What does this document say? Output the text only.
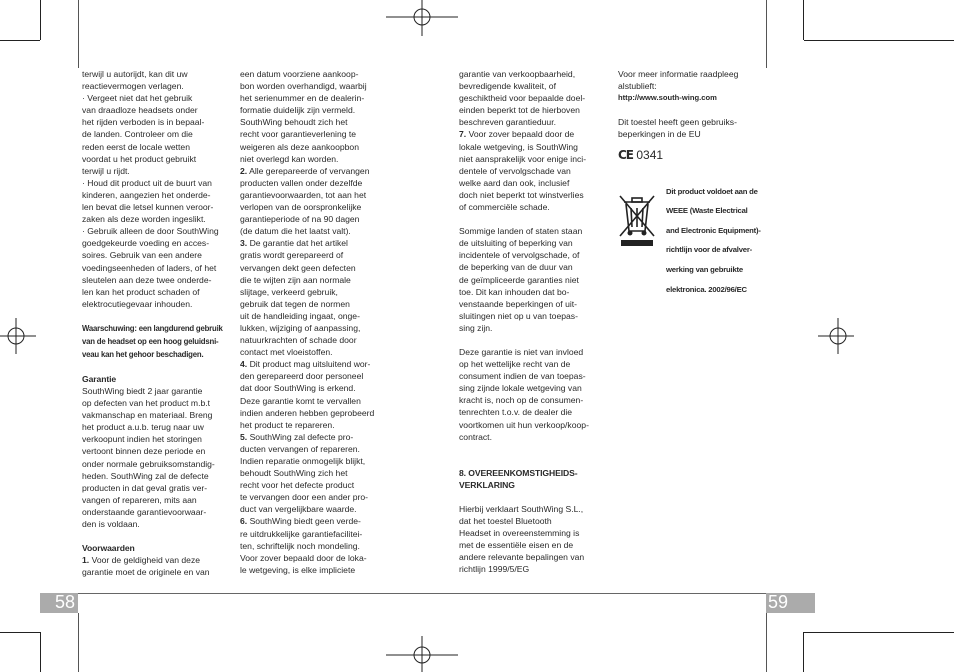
terwijl u autorijdt, kan dit uw

reactievermogen verlagen.

· Vergeet niet dat het gebruik

van draadloze headsets onder

het rijden verboden is in bepaal-

de landen. Controleer om die

reden eerst de locale wetten

voordat u het product gebruikt

terwijl u rijdt.

· Houd dit product uit de buurt van

kinderen, aangezien het onderde-

len bevat die letsel kunnen veroor-

zaken als deze worden ingeslikt.

· Gebruik alleen de door SouthWing

goedgekeurde voeding en acces-

soires. Gebruik van een andere

voedingseenheden of laders, of het

sleutelen aan deze twee onderde-

len kan het product schaden of

elektrocutiegevaar inhouden.

Waarschuwing: een langdurend gebruik

van de headset op een hoog geluidsni-

veau kan het gehoor beschadigen.

Garantie

SouthWing biedt 2 jaar garantie

op defecten van het product m.b.t

vakmanschap en materiaal. Breng

het product a.u.b. terug naar uw

verkoopunt indien het storingen

vertoont binnen deze periode en

onder normale gebruiksomstandig-

heden. SouthWing zal de defecte

producten in dat geval gratis ver-

vangen of repareren, mits aan

onderstaande garantievoorwaar-

den is voldaan.

Voorwaarden

1. Voor de geldigheid van deze

garantie moet de originele en van

een datum voorziene aankoop-

bon worden overhandigd, waarbij

het serienummer en de dealerin-

formatie duidelijk zijn vermeld.

SouthWing behoudt zich het

recht voor garantieverlening te

weigeren als deze aankoopbon

niet overlegd kan worden.

2. Alle gerepareerde of vervangen

producten vallen onder dezelfde

garantievoorwaarden, tot aan het

verlopen van de oorspronkelijke

garantieperiode of na 90 dagen

(de datum die het laatst valt).

3. De garantie dat het artikel

gratis wordt gerepareerd of

vervangen dekt geen defecten

die te wijten zijn aan normale

slijtage, verkeerd gebruik,

gebruik dat tegen de normen

uit de handleiding ingaat, onge-

lukken, wijziging of aanpassing,

natuurkrachten of schade door

contact met vloeistoffen.

4. Dit product mag uitsluitend wor-

den gerepareerd door personeel

dat door SouthWing is erkend.

Deze garantie komt te vervallen

indien anderen hebben geprobeerd

het product te repareren.

5. SouthWing zal defecte pro-

ducten vervangen of repareren.

Indien reparatie onmogelijk blijkt,

behoudt SouthWing zich het

recht voor het defecte product

te vervangen door een ander pro-

duct van vergelijkbare waarde.

6. SouthWing biedt geen verde-

re uitdrukkelijke garantiefacilitei-

ten, schriftelijk noch mondeling.

Voor zover bepaald door de loka-

le wetgeving, is elke impliciete

garantie van verkoopbaarheid,

bevredigende kwaliteit, of

geschiktheid voor bepaalde doel-

einden beperkt tot de hierboven

beschreven garantieduur.

7. Voor zover bepaald door de

lokale wetgeving, is SouthWing

niet aansprakelijk voor enige inci-

dentele of vervolgschade van

welke aard dan ook, inclusief

doch niet beperkt tot winstverlies

of commerciële schade.

Sommige landen of staten staan

de uitsluiting of beperking van

incidentele of vervolgschade, of

de beperking van de duur van

de geïmpliceerde garanties niet

toe. Dit kan inhouden dat bo-

venstaande beperkingen of uit-

sluitingen niet op u van toepas-

sing zijn.

Deze garantie is niet van invloed

op het wettelijke recht van de

consument indien de van toepas-

sing zijnde lokale wetgeving van

kracht is, noch op de consumen-

tenrechten t.o.v. de dealer die

voortkomen uit hun verkoop/koop-

contract.

8. OVEREENKOMSTIGHEIDS-

VERKLARING

Hierbij verklaart SouthWing S.L.,

dat het toestel Bluetooth

Headset in overeenstemming is

met de essentiële eisen en de

andere relevante bepalingen van

richtlijn 1999/5/EG

Voor meer informatie raadpleeg

alstublieft:

http://www.south-wing.com

Dit toestel heeft geen gebruiks-

beperkingen in de EU

CE 0341

Dit product voldoet aan de

WEEE (Waste Electrical

and Electronic Equipment)-

richtlijn voor de afvalver-

werking van gebruikte

elektronica. 2002/96/EC

58	59
